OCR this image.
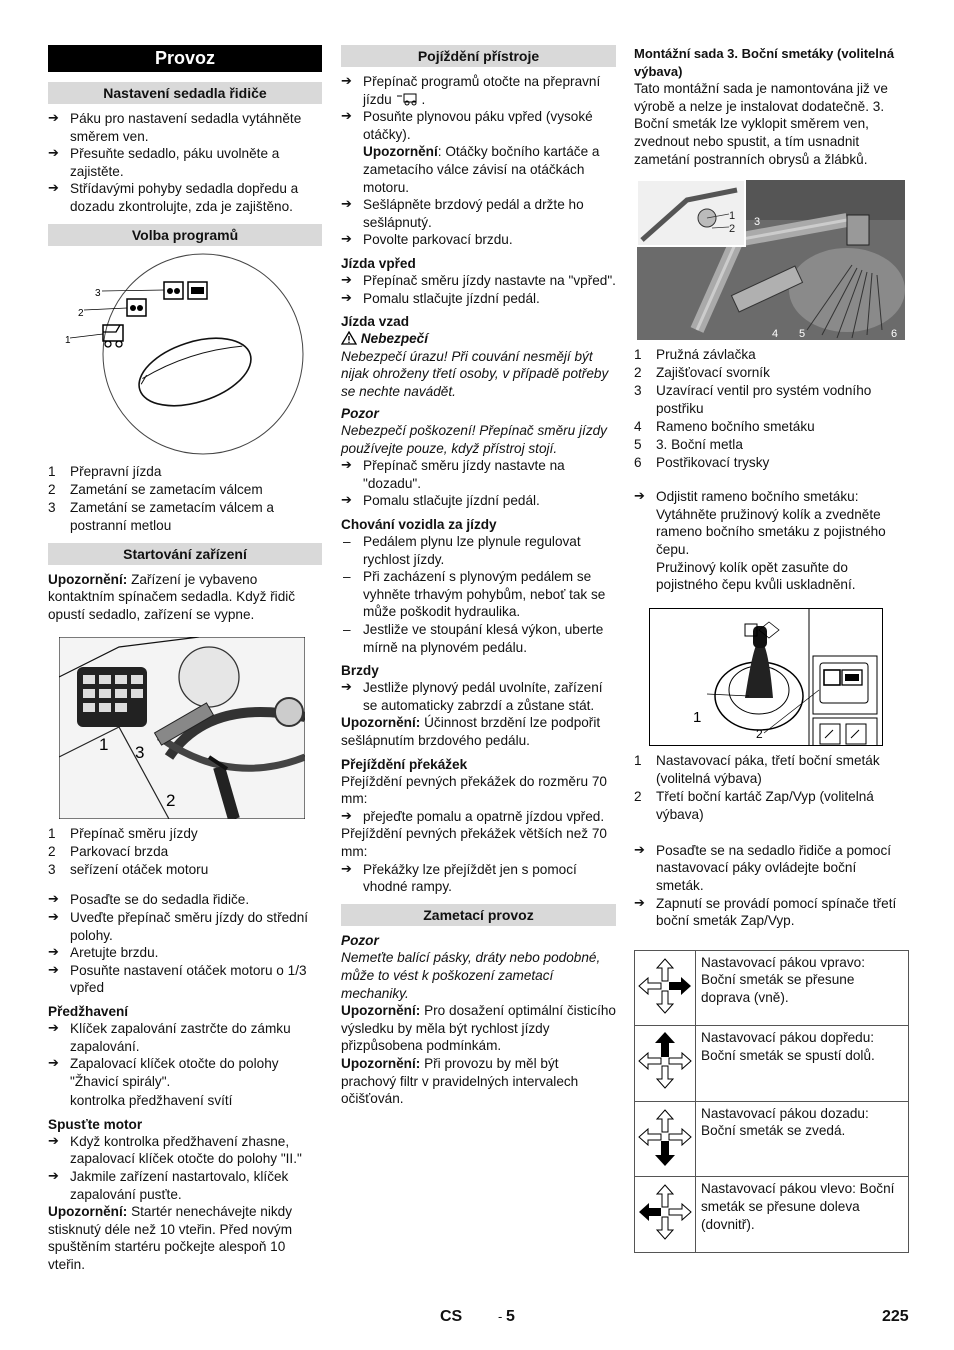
Provoz
Nastavení sedadla řidiče
➔ Páku pro nastavení sedadla vytáhněte směrem ven.
➔ Přesuňte sedadlo, páku uvolněte a zajistěte.
➔ Střídavými pohyby sedadla dopředu a dozadu zkontrolujte, zda je zajištěno.
Volba programů
3
2
1
1 Přepravní jízda
2 Zametání se zametacím válcem
3 Zametání se zametacím válcem a postranní metlou
Startování zařízení

Upozornění: Zařízení je vybaveno kontaktním spínačem sedadla. Když řidič opustí sedadlo, zařízení se vypne.

1 3
2
1 Přepínač směru jízdy
2 Parkovací brzda
3 seřízení otáček motoru
➔ Posaďte se do sedadla řidiče.
➔ Uveďte přepínač směru jízdy do střední polohy.
➔ Aretujte brzdu.
➔ Posuňte nastavení otáček motoru o 1/3 vpřed
Předžhavení
➔ Klíček zapalování zastrčte do zámku zapalování.
➔ Zapalovací klíček otočte do polohy "Žhavicí spirály".
kontrolka předžhavení svítí
Spusťte motor
➔ Když kontrolka předžhavení zhasne, zapalovací klíček otočte do polohy "II."
➔ Jakmile zařízení nastartovalo, klíček zapalování pusťte.

Upozornění: Startér nenechávejte nikdy stisknutý déle než 10 vteřin. Před novým spuštěním startéru počkejte alespoň 10 vteřin.

Pojíždění přístroje
➔ Přepínač programů otočte na přepravní jízdu .
➔ Posuňte plynovou páku vpřed (vysoké otáčky).

Upozornění: Otáčky bočního kartáče a zametacího válce závisí na otáčkách motoru.

➔ Sešlápněte brzdový pedál a držte ho sešlápnutý.
➔ Povolte parkovací brzdu.
Jízda vpřed
➔ Přepínač směru jízdy nastavte na "vpřed".
➔ Pomalu stlačujte jízdní pedál.
Jízda vzad

Nebezpečí

Nebezpečí úrazu! Při couvání nesmějí být nijak ohroženy třetí osoby, v případě potřeby se nechte navádět.

Pozor

Nebezpečí poškození! Přepínač směru jízdy používejte pouze, když přístroj stojí.

➔ Přepínač směru jízdy nastavte na "dozadu".
➔ Pomalu stlačujte jízdní pedál.
Chování vozidla za jízdy
– Pedálem plynu lze plynule regulovat rychlost jízdy.
– Při zacházení s plynovým pedálem se vyhněte trhavým pohybům, neboť tak se může poškodit hydraulika.
– Jestliže ve stoupání klesá výkon, uberte mírně na plynovém pedálu.
Brzdy
➔ Jestliže plynový pedál uvolníte, zařízení se automaticky zabrzdí a zůstane stát.

Upozornění: Účinnost brzdění lze podpořit sešlápnutím brzdového pedálu.

Přejíždění překážek

Přejíždění pevných překážek do rozměru 70 mm:

➔ přejeďte pomalu a opatrně jízdou vpřed.

Přejíždění pevných překážek větších než 70 mm:

➔ Překážky lze přejíždět jen s pomocí vhodné rampy.
Zametací provoz

Pozor

Nemeťte balící pásky, dráty nebo podobné, může to vést k poškození zametací mechaniky.

Upozornění: Pro dosažení optimální čisticího výsledku by měla být rychlost jízdy přizpůsobena podmínkám.

Upozornění: Při provozu by měl být prachový filtr v pravidelných intervalech očišťován.

Montážní sada 3. Boční smetáky (volitelná výbava)

Tato montážní sada je namontována již ve výrobě a nelze je instalovat dodatečně. 3. Boční smeták lze vyklopit směrem ven, zvednout nebo spustit, a tím usnadnit zametání postranních obrysů a žlábků.

1
2
3
4 5	6
1 Pružná závlačka
2 Zajišťovací svorník
3 Uzavírací ventil pro systém vodního postřiku
4 Rameno bočního smetáku
5 3. Boční metla
6 Postřikovací trysky
➔ Odjistit rameno bočního smetáku: Vytáhněte pružinový kolík a zvedněte rameno bočního smetáku z pojistného čepu.

Pružinový kolík opět zasuňte do pojistného čepu kvůli uskladnění.

1
2
1 Nastavovací páka, třetí boční smeták (volitelná výbava)
2 Třetí boční kartáč Zap/Vyp (volitelná výbava)
➔ Posaďte se na sedadlo řidiče a pomocí nastavovací páky ovládejte boční smeták.
➔ Zapnutí se provádí pomocí spínače třetí boční smeták Zap/Vyp.
	Nastavovací pákou vpravo: Boční smeták se přesune doprava (vně).
	Nastavovací pákou dopředu: Boční smeták se spustí dolů.
	Nastavovací pákou dozadu: Boční smeták se zvedá.
	Nastavovací pákou vlevo: Boční smeták se přesune doleva (dovnitř).
CS	- 5	225
